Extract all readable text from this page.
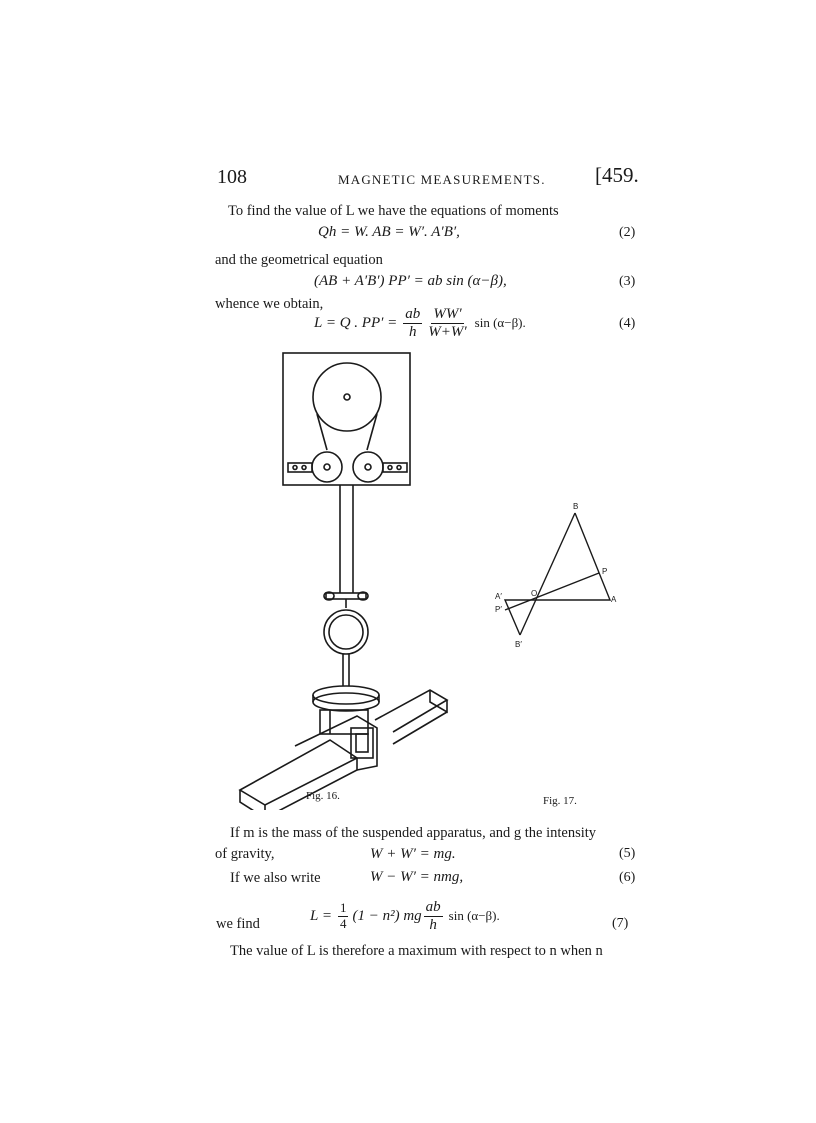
108	MAGNETIC MEASUREMENTS. [459.
To find the value of L we have the equations of moments
Qh = W. AB = W′. A′B′,	(2)
and the geometrical equation
(AB + A′B′) PP′ = ab sin (α−β),	(3)
whence we obtain,
L = Q . $PP' = \frac{ab}{h} \frac{WW'}{W+W'}$ sin (α−β).	(4)
Fig. 16.
B
P
A
A′	O
P′
B′
Fig. 17.
If m is the mass of the suspended apparatus, and g the intensity
of gravity,	W + W′ = mg.	(5)
If we also write	W − W′ = nmg,	(6)
we find
$L = \frac{1}{4} (1 - n^2)$ mg $\frac{ab}{h}$ sin (α−β).
(7)
The value of L is therefore a maximum with respect to n when n
